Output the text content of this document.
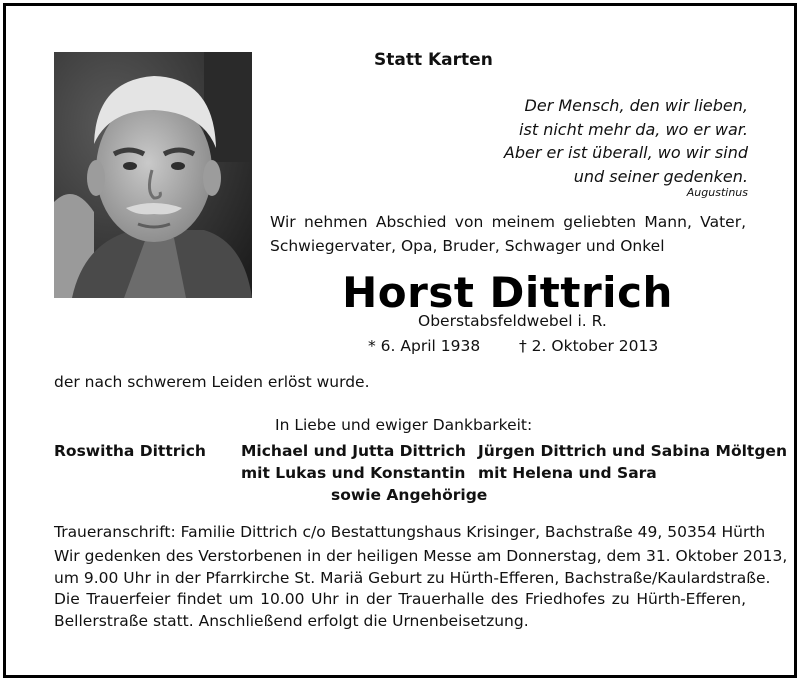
Statt Karten
Der Mensch, den wir lieben,
ist nicht mehr da, wo er war.
Aber er ist überall, wo wir sind
und seiner gedenken.
Augustinus
Wir nehmen Abschied von meinem geliebten Mann, Vater, Schwiegervater, Opa, Bruder, Schwager und Onkel
Horst Dittrich
Oberstabsfeldwebel i. R.
* 6. April 1938	† 2. Oktober 2013
der nach schwerem Leiden erlöst wurde.
In Liebe und ewiger Dankbarkeit:
Roswitha Dittrich Michael und Jutta Dittrich
mit Lukas und Konstantin
Jürgen Dittrich und Sabina Möltgen
mit Helena und Sara
sowie Angehörige
Traueranschrift: Familie Dittrich c/o Bestattungshaus Krisinger, Bachstraße 49, 50354 Hürth
Wir gedenken des Verstorbenen in der heiligen Messe am Donnerstag, dem 31. Oktober 2013,
um 9.00 Uhr in der Pfarrkirche St. Mariä Geburt zu Hürth-Efferen, Bachstraße/Kaulardstraße.
Die Trauerfeier findet um 10.00 Uhr in der Trauerhalle des Friedhofes zu Hürth-Efferen,
Bellerstraße statt. Anschließend erfolgt die Urnenbeisetzung.
